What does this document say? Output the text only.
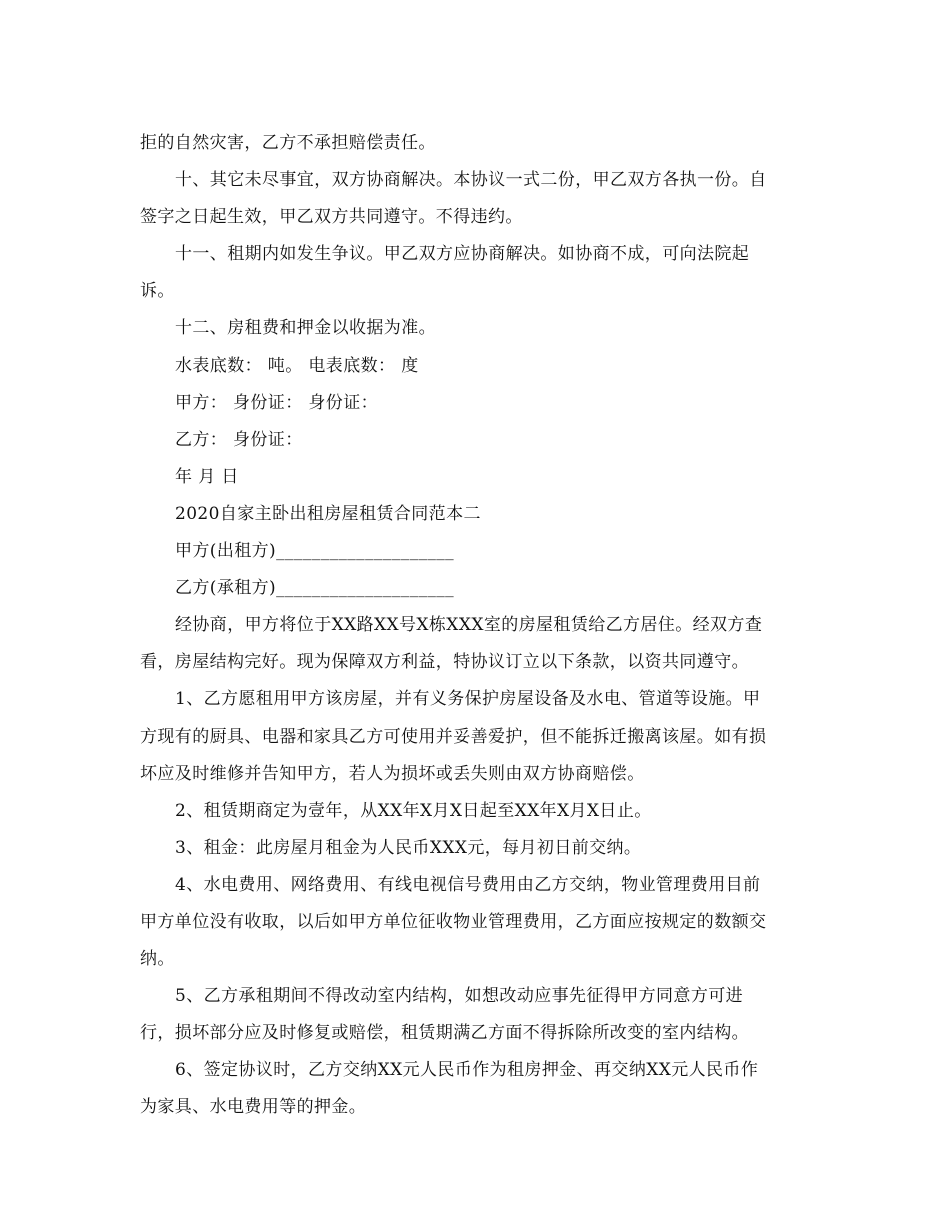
拒的自然灾害，乙方不承担赔偿责任。
十、其它未尽事宜，双方协商解决。本协议一式二份，甲乙双方各执一份。自
签字之日起生效，甲乙双方共同遵守。不得违约。
十一、租期内如发生争议。甲乙双方应协商解决。如协商不成，可向法院起
诉。
十二、房租费和押金以收据为准。
水表底数： 吨。 电表底数： 度
甲方： 身份证： 身份证：
乙方： 身份证：
年 月 日
2020自家主卧出租房屋租赁合同范本二
甲方(出租方)____________________
乙方(承租方)____________________
经协商，甲方将位于XX路XX号X栋XXX室的房屋租赁给乙方居住。经双方查
看，房屋结构完好。现为保障双方利益，特协议订立以下条款，以资共同遵守。
1、乙方愿租用甲方该房屋，并有义务保护房屋设备及水电、管道等设施。甲
方现有的厨具、电器和家具乙方可使用并妥善爱护，但不能拆迁搬离该屋。如有损
坏应及时维修并告知甲方，若人为损坏或丢失则由双方协商赔偿。
2、租赁期商定为壹年，从XX年X月X日起至XX年X月X日止。
3、租金：此房屋月租金为人民币XXX元，每月初日前交纳。
4、水电费用、网络费用、有线电视信号费用由乙方交纳，物业管理费用目前
甲方单位没有收取，以后如甲方单位征收物业管理费用，乙方面应按规定的数额交
纳。
5、乙方承租期间不得改动室内结构，如想改动应事先征得甲方同意方可进
行，损坏部分应及时修复或赔偿，租赁期满乙方面不得拆除所改变的室内结构。
6、签定协议时，乙方交纳XX元人民币作为租房押金、再交纳XX元人民币作
为家具、水电费用等的押金。
